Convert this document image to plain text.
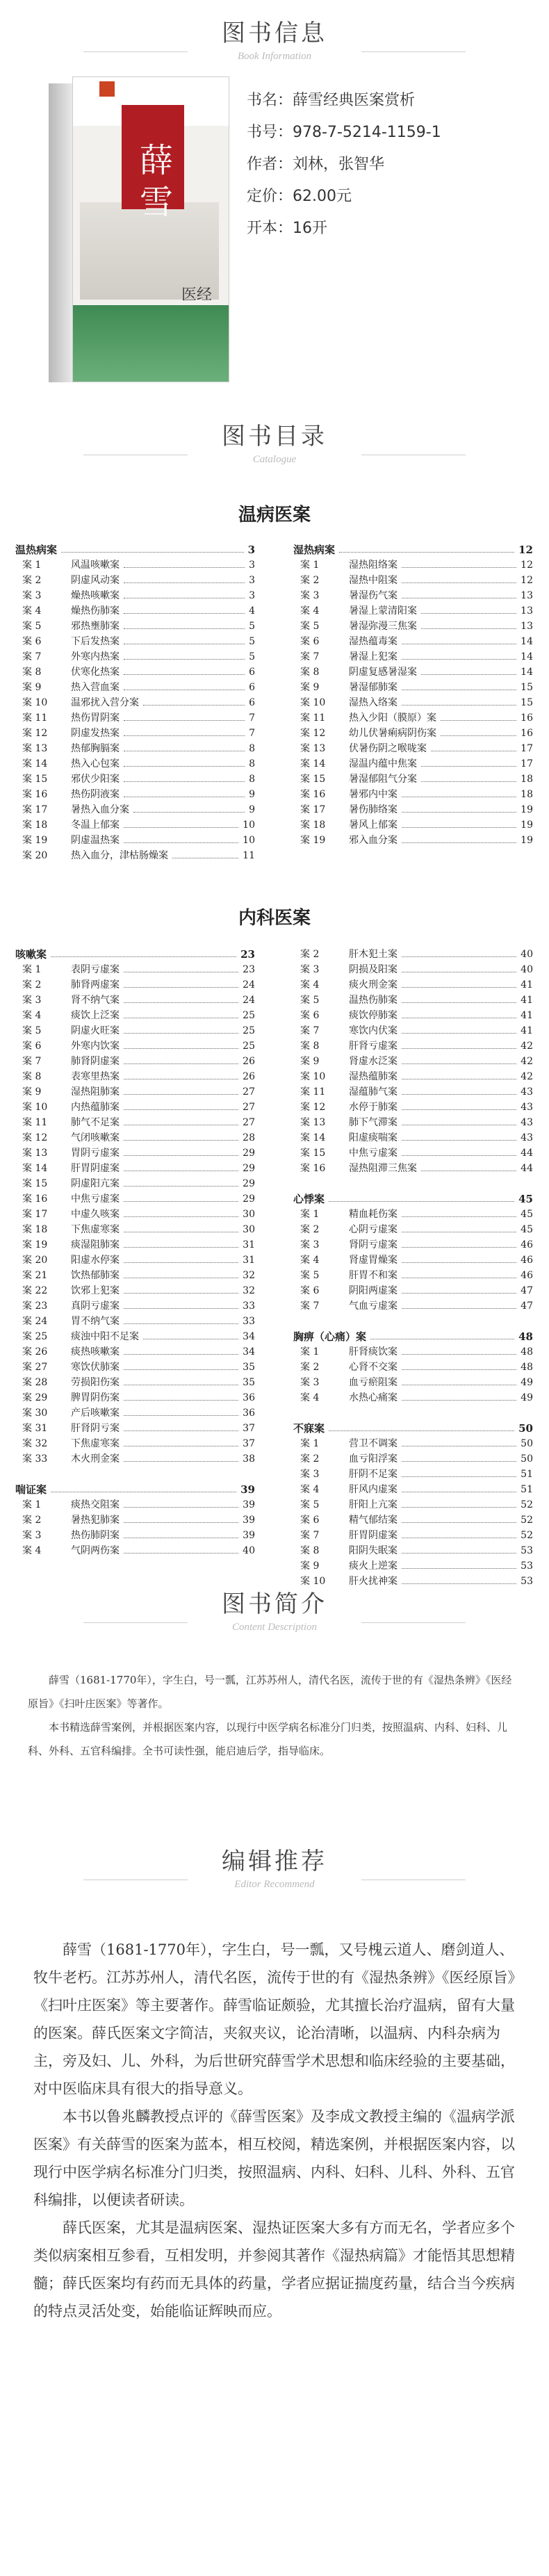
图书信息
Book Information
薛雪
医经
书名：薛雪经典医案赏析
书号：978-7-5214-1159-1
作者：刘林，张智华
定价：62.00元
开本：16开
图书目录
Catalogue
温病医案
温热病案	3
案 1	风温咳嗽案	3
案 2	阴虚风动案	3
案 3	燥热咳嗽案	3
案 4	燥热伤肺案	4
案 5	邪热壅肺案	5
案 6	下后发热案	5
案 7	外寒内热案	5
案 8	伏寒化热案	6
案 9	热入营血案	6
案 10	温邪扰入营分案	6
案 11	热伤胃阴案	7
案 12	阴虚发热案	7
案 13	热郁胸膈案	8
案 14	热入心包案	8
案 15	邪伏少阳案	8
案 16	热伤阴液案	9
案 17	暑热入血分案	9
案 18	冬温上郁案	10
案 19	阴虚温热案	10
案 20	热入血分，津枯肠燥案	11
湿热病案	12
案 1	湿热阻络案	12
案 2	湿热中阻案	12
案 3	暑湿伤气案	13
案 4	暑湿上蒙清阳案	13
案 5	暑湿弥漫三焦案	13
案 6	湿热蕴毒案	14
案 7	暑湿上犯案	14
案 8	阴虚复感暑湿案	14
案 9	暑湿郁肺案	15
案 10	湿热入络案	15
案 11	热入少阳（膜原）案	16
案 12	幼儿伏暑痢病阴伤案	16
案 13	伏暑伤阴之喉咙案	17
案 14	湿温内蕴中焦案	17
案 15	暑湿郁阻气分案	18
案 16	暑邪内中案	18
案 17	暑伤肺络案	19
案 18	暑风上郁案	19
案 19	邪入血分案	19
内科医案
咳嗽案	23
案 1	表阴亏虚案	23
案 2	肺肾两虚案	24
案 3	肾不纳气案	24
案 4	痰饮上泛案	25
案 5	阴虚火旺案	25
案 6	外寒内饮案	25
案 7	肺肾阴虚案	26
案 8	表寒里热案	26
案 9	湿热阻肺案	27
案 10	内热蕴肺案	27
案 11	肺气不足案	27
案 12	气闭咳嗽案	28
案 13	胃阴亏虚案	29
案 14	肝胃阴虚案	29
案 15	阴虚阳亢案	29
案 16	中焦亏虚案	29
案 17	中虚久咳案	30
案 18	下焦虚寒案	30
案 19	痰湿阻肺案	31
案 20	阳虚水停案	31
案 21	饮热郁肺案	32
案 22	饮邪上犯案	32
案 23	真阴亏虚案	33
案 24	胃不纳气案	33
案 25	痰浊中阳不足案	34
案 26	痰热咳嗽案	34
案 27	寒饮伏肺案	35
案 28	劳损阳伤案	35
案 29	脾胃阴伤案	36
案 30	产后咳嗽案	36
案 31	肝肾阴亏案	37
案 32	下焦虚寒案	37
案 33	木火刑金案	38
喘证案	39
案 1	痰热交阻案	39
案 2	暑热犯肺案	39
案 3	热伤肺阴案	39
案 4	气阴两伤案	40
案 2	肝木犯土案	40
案 3	阴损及阳案	40
案 4	痰火刑金案	41
案 5	温热伤肺案	41
案 6	痰饮停肺案	41
案 7	寒饮内伏案	41
案 8	肝肾亏虚案	42
案 9	肾虚水泛案	42
案 10	湿热蕴肺案	42
案 11	湿蕴肺气案	43
案 12	水停于肺案	43
案 13	肺下气滞案	43
案 14	阳虚痰喘案	43
案 15	中焦亏虚案	44
案 16	湿热阻滞三焦案	44
心悸案	45
案 1	精血耗伤案	45
案 2	心阴亏虚案	45
案 3	肾阴亏虚案	46
案 4	肾虚胃燥案	46
案 5	肝胃不和案	46
案 6	阴阳两虚案	47
案 7	气血亏虚案	47
胸痹（心痛）案	48
案 1	肝肾痰饮案	48
案 2	心肾不交案	48
案 3	血亏瘀阻案	49
案 4	水热心痛案	49
不寐案	50
案 1	营卫不调案	50
案 2	血亏阳浮案	50
案 3	肝阴不足案	51
案 4	肝风内虚案	51
案 5	肝阳上亢案	52
案 6	精气郁结案	52
案 7	肝胃阴虚案	52
案 8	阳阴失眠案	53
案 9	痰火上逆案	53
案 10	肝火扰神案	53
图书简介
Content Description

薛雪（1681-1770年），字生白，号一瓢，江苏苏州人，清代名医，流传于世的有《湿热条辨》《医经原旨》《扫叶庄医案》等著作。

本书精选薛雪案例，并根据医案内容，以现行中医学病名标准分门归类，按照温病、内科、妇科、儿科、外科、五官科编排。全书可读性强，能启迪后学，指导临床。

编辑推荐
Editor Recommend

薛雪（1681-1770年），字生白，号一瓢，又号槐云道人、磨剑道人、牧牛老朽。江苏苏州人，清代名医，流传于世的有《湿热条辨》《医经原旨》《扫叶庄医案》等主要著作。薛雪临证颇验，尤其擅长治疗温病，留有大量的医案。薛氏医案文字简洁，夹叙夹议，论治清晰，以温病、内科杂病为主，旁及妇、儿、外科，为后世研究薛雪学术思想和临床经验的主要基础，对中医临床具有很大的指导意义。

本书以鲁兆麟教授点评的《薛雪医案》及李成文教授主编的《温病学派医案》有关薛雪的医案为蓝本，相互校阅，精选案例，并根据医案内容，以现行中医学病名标准分门归类，按照温病、内科、妇科、儿科、外科、五官科编排，以便读者研读。

薛氏医案，尤其是温病医案、湿热证医案大多有方而无名，学者应多个类似病案相互参看，互相发明，并参阅其著作《湿热病篇》才能悟其思想精髓；薛氏医案均有药而无具体的药量，学者应据证揣度药量，结合当今疾病的特点灵活处变，始能临证辉映而应。
